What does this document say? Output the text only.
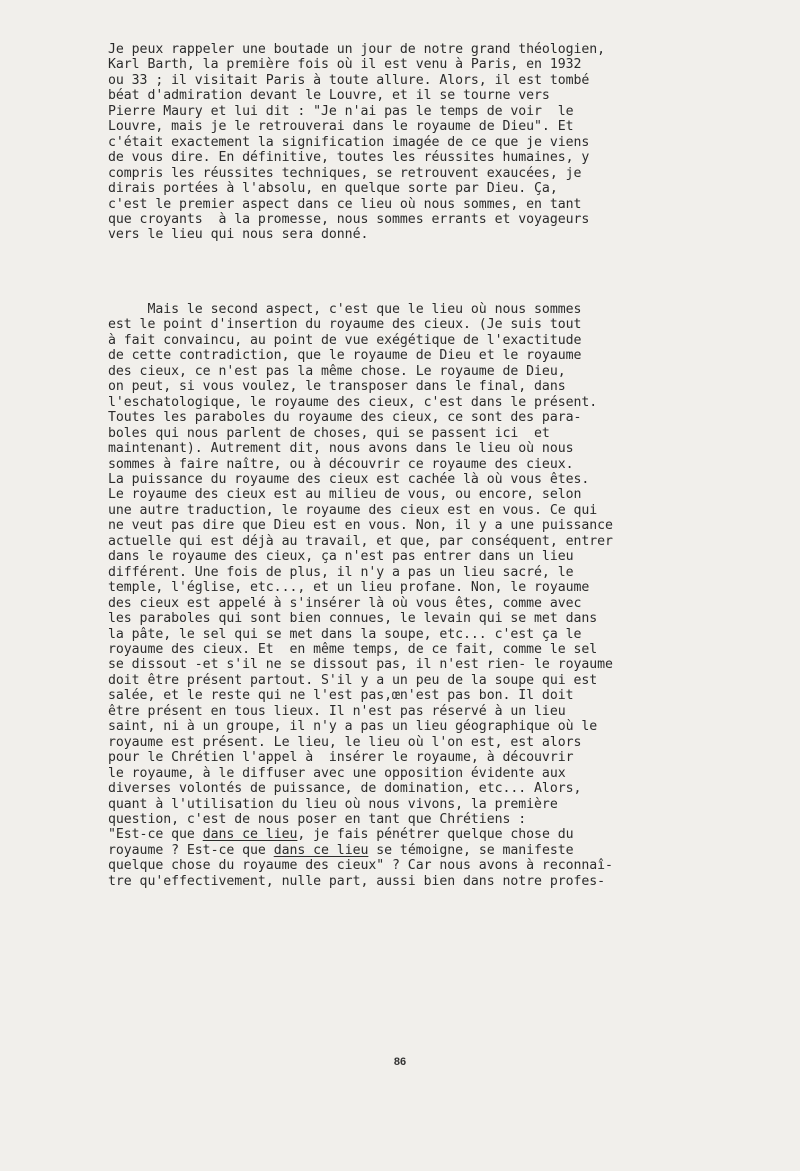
Je peux rappeler une boutade un jour de notre grand théologien,
Karl Barth, la première fois où il est venu à Paris, en 1932
ou 33 ; il visitait Paris à toute allure. Alors, il est tombé
béat d'admiration devant le Louvre, et il se tourne vers
Pierre Maury et lui dit : "Je n'ai pas le temps de voir  le
Louvre, mais je le retrouverai dans le royaume de Dieu". Et
c'était exactement la signification imagée de ce que je viens
de vous dire. En définitive, toutes les réussites humaines, y
compris les réussites techniques, se retrouvent exaucées, je
dirais portées à l'absolu, en quelque sorte par Dieu. Ça,
c'est le premier aspect dans ce lieu où nous sommes, en tant
que croyants  à la promesse, nous sommes errants et voyageurs
vers le lieu qui nous sera donné.
Mais le second aspect, c'est que le lieu où nous sommes
est le point d'insertion du royaume des cieux. (Je suis tout
à fait convaincu, au point de vue exégétique de l'exactitude
de cette contradiction, que le royaume de Dieu et le royaume
des cieux, ce n'est pas la même chose. Le royaume de Dieu,
on peut, si vous voulez, le transposer dans le final, dans
l'eschatologique, le royaume des cieux, c'est dans le présent.
Toutes les paraboles du royaume des cieux, ce sont des para-
boles qui nous parlent de choses, qui se passent ici  et
maintenant). Autrement dit, nous avons dans le lieu où nous
sommes à faire naître, ou à découvrir ce royaume des cieux.
La puissance du royaume des cieux est cachée là où vous êtes.
Le royaume des cieux est au milieu de vous, ou encore, selon
une autre traduction, le royaume des cieux est en vous. Ce qui
ne veut pas dire que Dieu est en vous. Non, il y a une puissance
actuelle qui est déjà au travail, et que, par conséquent, entrer
dans le royaume des cieux, ça n'est pas entrer dans un lieu
différent. Une fois de plus, il n'y a pas un lieu sacré, le
temple, l'église, etc..., et un lieu profane. Non, le royaume
des cieux est appelé à s'insérer là où vous êtes, comme avec
les paraboles qui sont bien connues, le levain qui se met dans
la pâte, le sel qui se met dans la soupe, etc... c'est ça le
royaume des cieux. Et  en même temps, de ce fait, comme le sel
se dissout -et s'il ne se dissout pas, il n'est rien- le royaume
doit être présent partout. S'il y a un peu de la soupe qui est
salée, et le reste qui ne l'est pas,œn'est pas bon. Il doit
être présent en tous lieux. Il n'est pas réservé à un lieu
saint, ni à un groupe, il n'y a pas un lieu géographique où le
royaume est présent. Le lieu, le lieu où l'on est, est alors
pour le Chrétien l'appel à  insérer le royaume, à découvrir
le royaume, à le diffuser avec une opposition évidente aux
diverses volontés de puissance, de domination, etc... Alors,
quant à l'utilisation du lieu où nous vivons, la première
question, c'est de nous poser en tant que Chrétiens :
"Est-ce que dans ce lieu, je fais pénétrer quelque chose du
royaume ? Est-ce que dans ce lieu se témoigne, se manifeste
quelque chose du royaume des cieux" ? Car nous avons à reconnaî-
tre qu'effectivement, nulle part, aussi bien dans notre profes-
86
